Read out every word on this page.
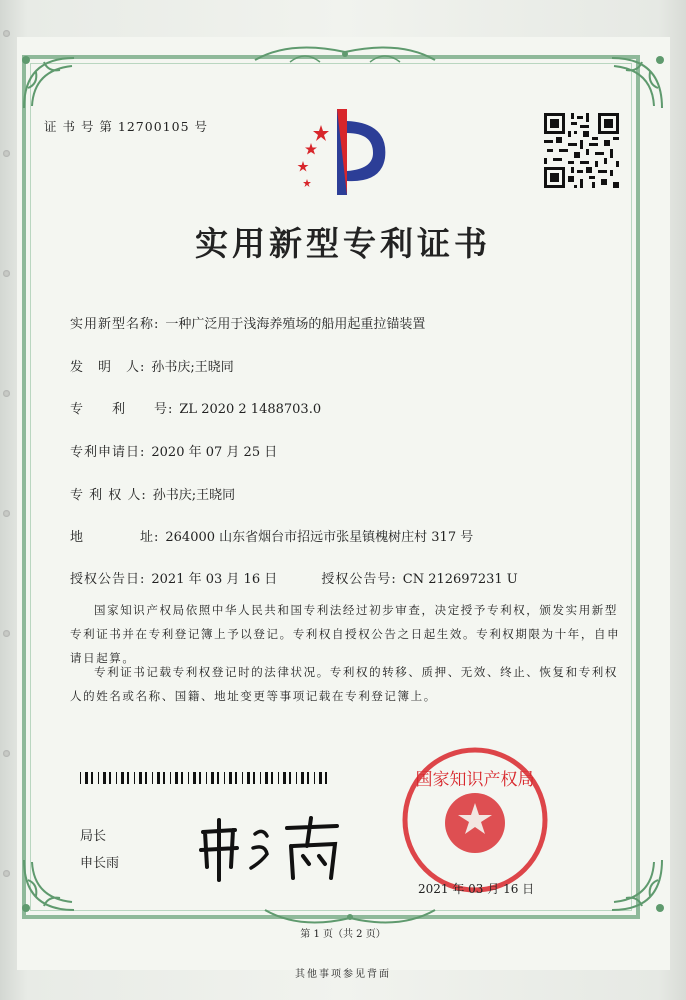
证 书 号 第 12700105 号
实用新型专利证书
实用新型名称: 一种广泛用于浅海养殖场的船用起重拉锚装置
发　明　人: 孙书庆;王晓同
专　　利　　号: ZL 2020 2 1488703.0
专利申请日: 2020 年 07 月 25 日
专 利 权 人: 孙书庆;王晓同
地　　　　址: 264000 山东省烟台市招远市张星镇槐树庄村 317 号
授权公告日: 2021 年 03 月 16 日	授权公告号: CN 212697231 U
国家知识产权局依照中华人民共和国专利法经过初步审查，决定授予专利权，颁发实用新型专利证书并在专利登记簿上予以登记。专利权自授权公告之日起生效。专利权期限为十年，自申请日起算。
专利证书记载专利权登记时的法律状况。专利权的转移、质押、无效、终止、恢复和专利权人的姓名或名称、国籍、地址变更等事项记载在专利登记簿上。
局长
申长雨
国家知识产权局
2021 年 03 月 16 日
第 1 页（共 2 页）
其他事项参见背面
